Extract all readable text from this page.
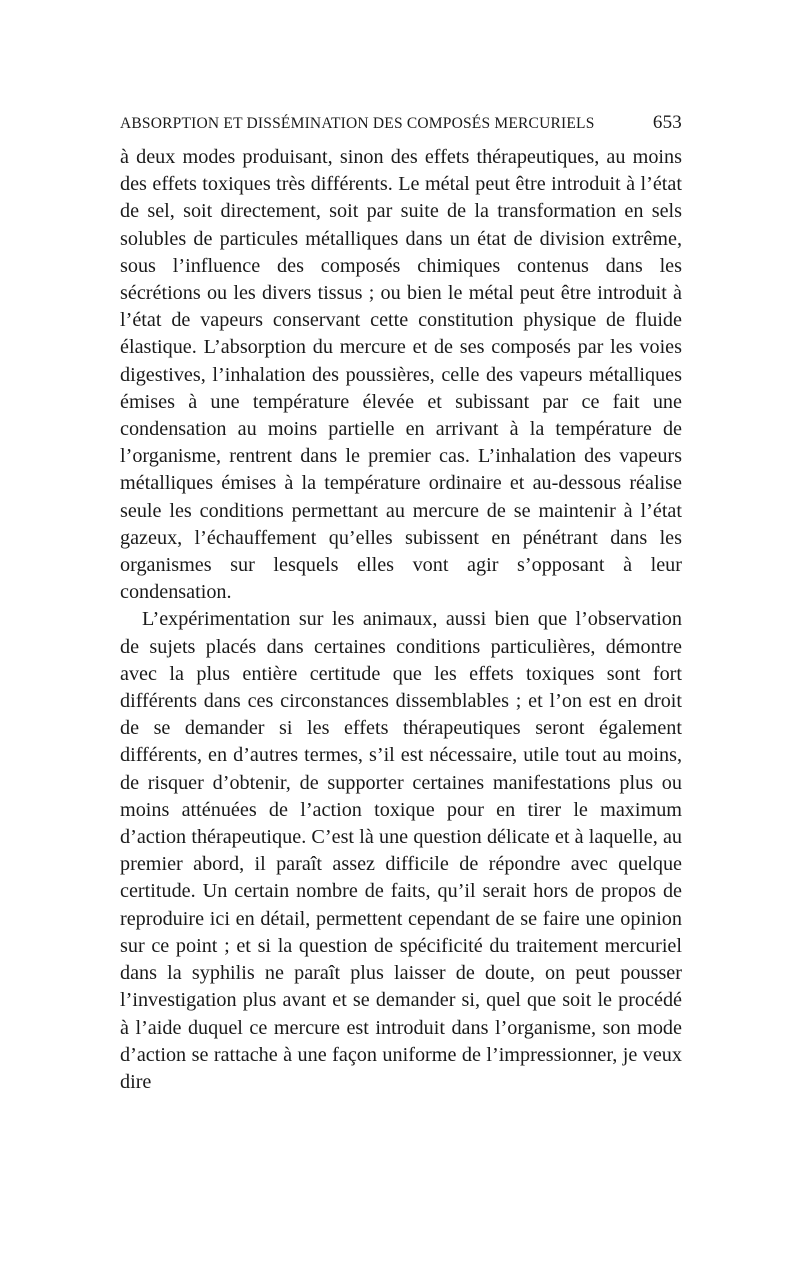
ABSORPTION ET DISSÉMINATION DES COMPOSÉS MERCURIELS	653

à deux modes produisant, sinon des effets thérapeutiques, au moins des effets toxiques très différents. Le métal peut être introduit à l’état de sel, soit directement, soit par suite de la transformation en sels solubles de particules métalliques dans un état de division extrême, sous l’influence des composés chimiques contenus dans les sécrétions ou les divers tissus ; ou bien le métal peut être introduit à l’état de vapeurs conservant cette constitution physique de fluide élastique. L’absorption du mercure et de ses composés par les voies digestives, l’inhalation des poussières, celle des vapeurs métalliques émises à une température élevée et subissant par ce fait une condensation au moins partielle en arrivant à la température de l’organisme, rentrent dans le premier cas. L’inhalation des vapeurs métalliques émises à la température ordinaire et au-dessous réalise seule les conditions permettant au mercure de se maintenir à l’état gazeux, l’échauffement qu’elles subissent en pénétrant dans les organismes sur lesquels elles vont agir s’opposant à leur condensation.

L’expérimentation sur les animaux, aussi bien que l’observation de sujets placés dans certaines conditions particulières, démontre avec la plus entière certitude que les effets toxiques sont fort différents dans ces circonstances dissemblables ; et l’on est en droit de se demander si les effets thérapeutiques seront également différents, en d’autres termes, s’il est nécessaire, utile tout au moins, de risquer d’obtenir, de supporter certaines manifestations plus ou moins atténuées de l’action toxique pour en tirer le maximum d’action thérapeutique. C’est là une question délicate et à laquelle, au premier abord, il paraît assez difficile de répondre avec quelque certitude. Un certain nombre de faits, qu’il serait hors de propos de reproduire ici en détail, permettent cependant de se faire une opinion sur ce point ; et si la question de spécificité du traitement mercuriel dans la syphilis ne paraît plus laisser de doute, on peut pousser l’investigation plus avant et se demander si, quel que soit le procédé à l’aide duquel ce mercure est introduit dans l’organisme, son mode d’action se rattache à une façon uniforme de l’impressionner, je veux dire
